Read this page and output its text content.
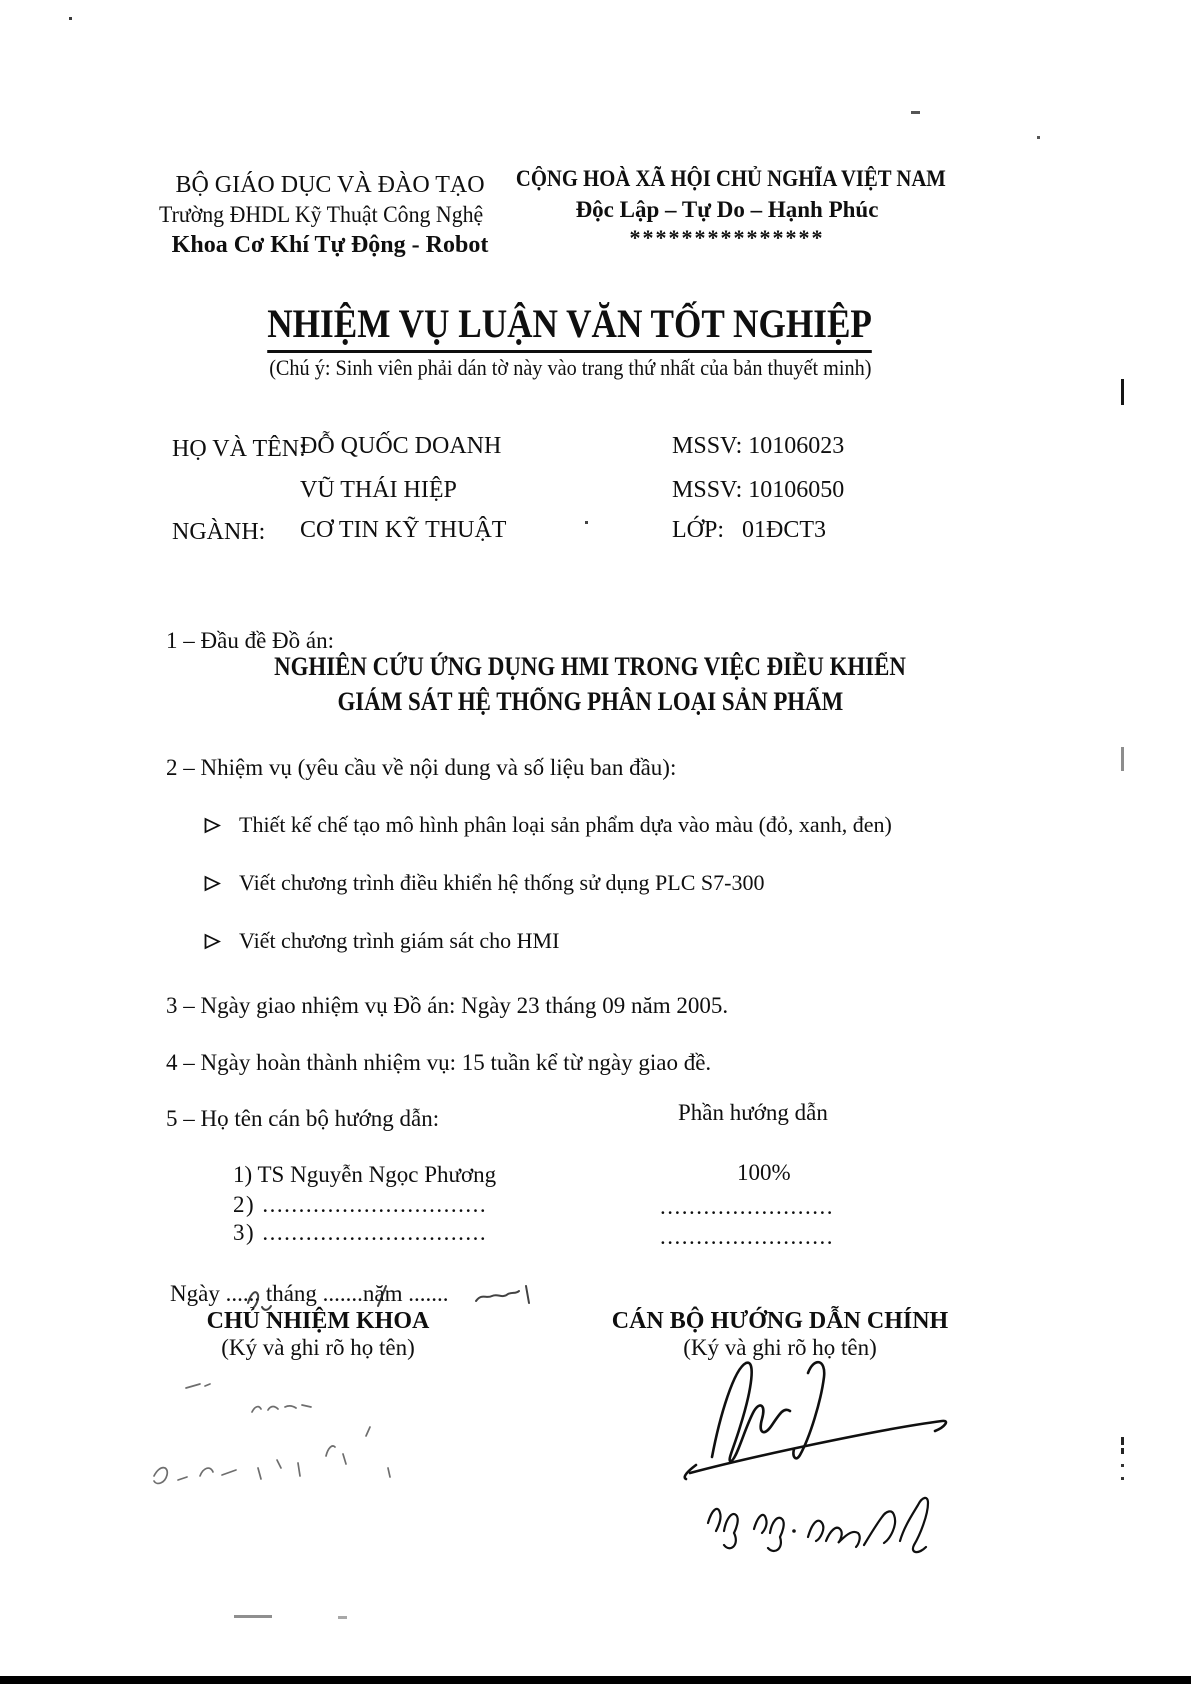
BỘ GIÁO DỤC VÀ ĐÀO TẠO
Trường ĐHDL Kỹ Thuật Công Nghệ
Khoa Cơ Khí Tự Động - Robot
CỘNG HOÀ XÃ HỘI CHỦ NGHĨA VIỆT NAM
Độc Lập – Tự Do – Hạnh Phúc
***************
NHIỆM VỤ LUẬN VĂN TỐT NGHIỆP
(Chú ý: Sinh viên phải dán tờ này vào trang thứ nhất của bản thuyết minh)
HỌ VÀ TÊN:
ĐỖ QUỐC DOANH	MSSV: 10106023
VŨ THÁI HIỆP	MSSV: 10106050
NGÀNH: CƠ TIN KỸ THUẬT	LỚP: 01ĐCT3
1 – Đầu đề Đồ án:
NGHIÊN CỨU ỨNG DỤNG HMI TRONG VIỆC ĐIỀU KHIỂN
GIÁM SÁT HỆ THỐNG PHÂN LOẠI SẢN PHẨM
2 – Nhiệm vụ (yêu cầu về nội dung và số liệu ban đầu):
Thiết kế chế tạo mô hình phân loại sản phẩm dựa vào màu (đỏ, xanh, đen)
Viết chương trình điều khiển hệ thống sử dụng PLC S7-300
Viết chương trình giám sát cho HMI
3 – Ngày giao nhiệm vụ Đồ án: Ngày 23 tháng 09 năm 2005.
4 – Ngày hoàn thành nhiệm vụ: 15 tuần kể từ ngày giao đề.
5 – Họ tên cán bộ hướng dẫn:	Phần hướng dẫn
1) TS Nguyễn Ngọc Phương	100%
2) ...............................	........................
3) ...............................	........................
Ngày ...... tháng .......năm .......
CHỦ NHIỆM KHOA
(Ký và ghi rõ họ tên)
CÁN BỘ HƯỚNG DẪN CHÍNH
(Ký và ghi rõ họ tên)
